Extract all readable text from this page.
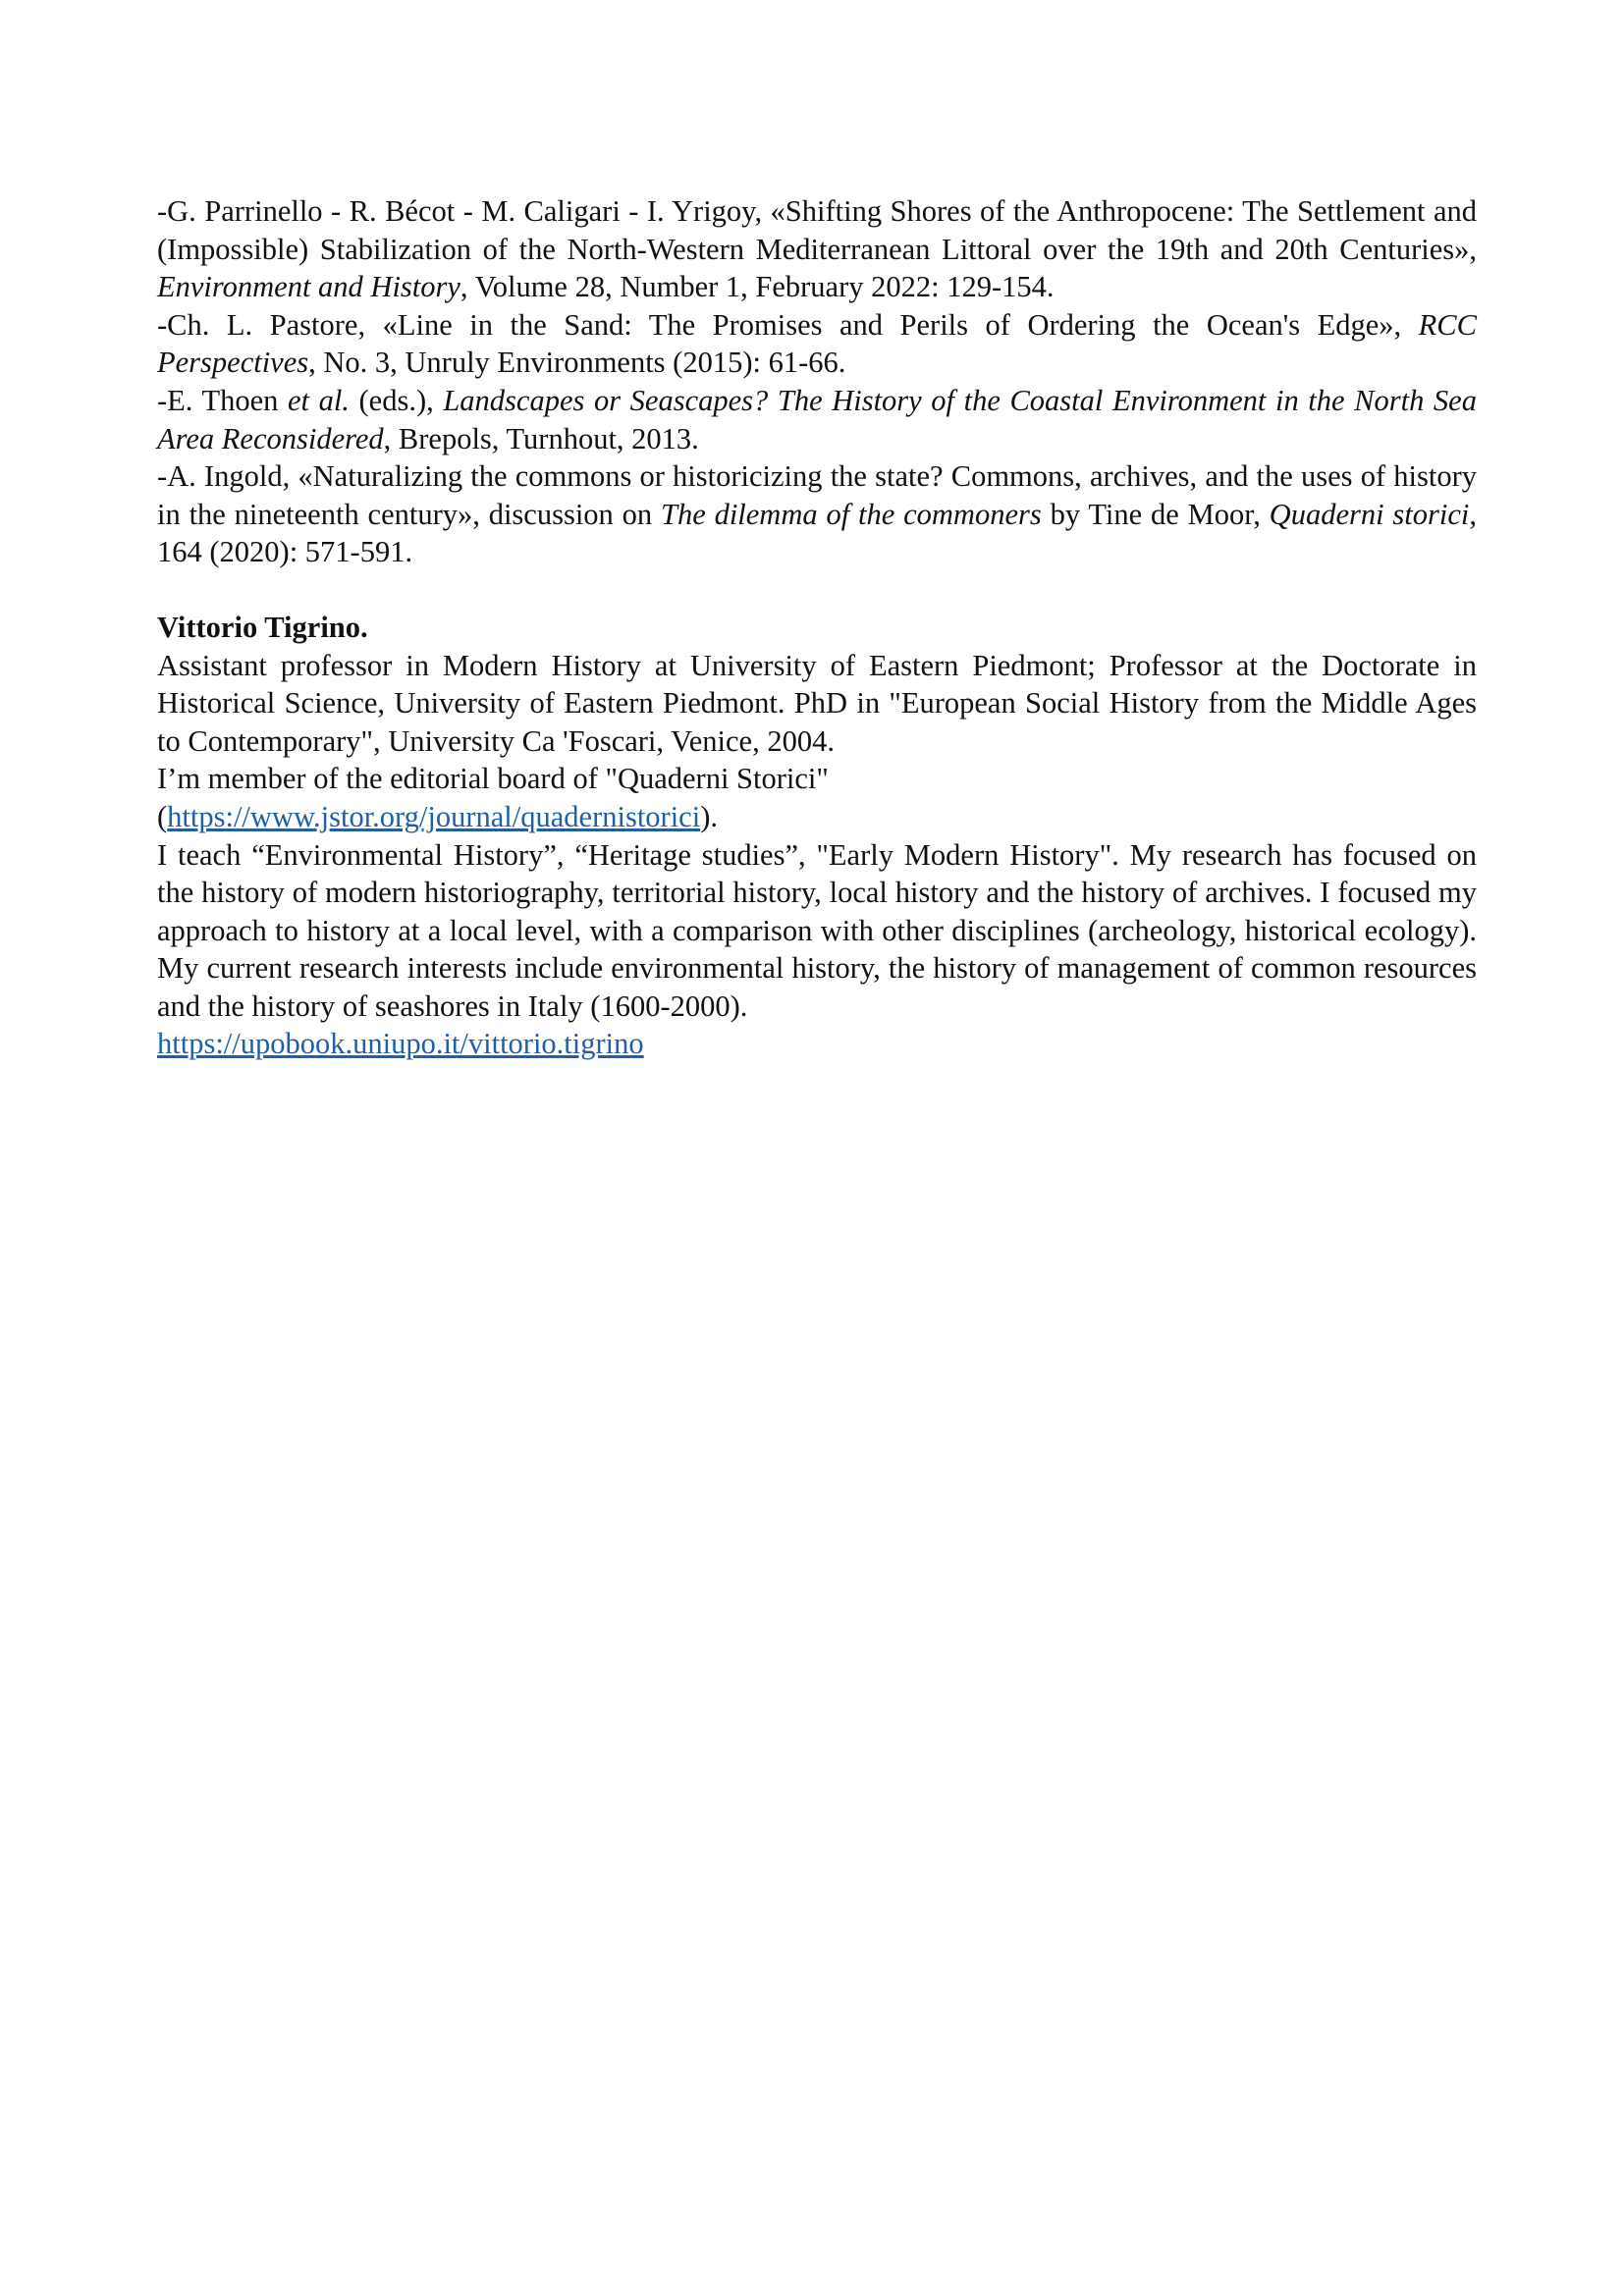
-G. Parrinello - R. Bécot - M. Caligari - I. Yrigoy, «Shifting Shores of the Anthropocene: The Settlement and (Impossible) Stabilization of the North-Western Mediterranean Littoral over the 19th and 20th Centuries», Environment and History, Volume 28, Number 1, February 2022: 129-154.

-Ch. L. Pastore, «Line in the Sand: The Promises and Perils of Ordering the Ocean's Edge», RCC Perspectives, No. 3, Unruly Environments (2015): 61-66.

-E. Thoen et al. (eds.), Landscapes or Seascapes? The History of the Coastal Environment in the North Sea Area Reconsidered, Brepols, Turnhout, 2013.

-A. Ingold, «Naturalizing the commons or historicizing the state? Commons, archives, and the uses of history in the nineteenth century», discussion on The dilemma of the commoners by Tine de Moor, Quaderni storici, 164 (2020): 571-591.

Vittorio Tigrino.

Assistant professor in Modern History at University of Eastern Piedmont; Professor at the Doctorate in Historical Science, University of Eastern Piedmont. PhD in "European Social History from the Middle Ages to Contemporary", University Ca 'Foscari, Venice, 2004.

I’m member of the editorial board of "Quaderni Storici"

(https://www.jstor.org/journal/quadernistorici).

I teach “Environmental History”, “Heritage studies”, "Early Modern History". My research has focused on the history of modern historiography, territorial history, local history and the history of archives. I focused my approach to history at a local level, with a comparison with other disciplines (archeology, historical ecology). My current research interests include environmental history, the history of management of common resources and the history of seashores in Italy (1600-2000).

https://upobook.uniupo.it/vittorio.tigrino
